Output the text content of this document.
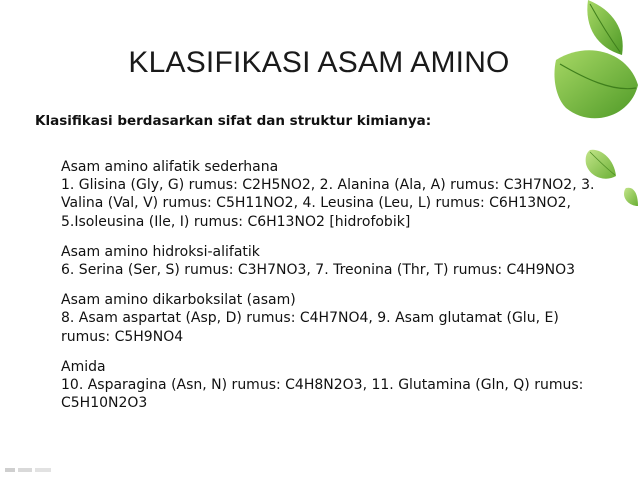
KLASIFIKASI ASAM AMINO
Klasifikasi berdasarkan sifat dan struktur kimianya:
Asam amino alifatik sederhana
1. Glisina (Gly, G) rumus: C2H5NO2, 2. Alanina (Ala, A) rumus: C3H7NO2, 3.
Valina (Val, V) rumus: C5H11NO2, 4. Leusina (Leu, L) rumus: C6H13NO2,
5.Isoleusina (Ile, I) rumus: C6H13NO2 [hidrofobik]
Asam amino hidroksi-alifatik
6. Serina (Ser, S) rumus: C3H7NO3, 7. Treonina (Thr, T) rumus: C4H9NO3
Asam amino dikarboksilat (asam)
8. Asam aspartat (Asp, D) rumus: C4H7NO4, 9. Asam glutamat (Glu, E)
rumus: C5H9NO4
Amida
10. Asparagina (Asn, N) rumus: C4H8N2O3, 11. Glutamina (Gln, Q) rumus:
C5H10N2O3
